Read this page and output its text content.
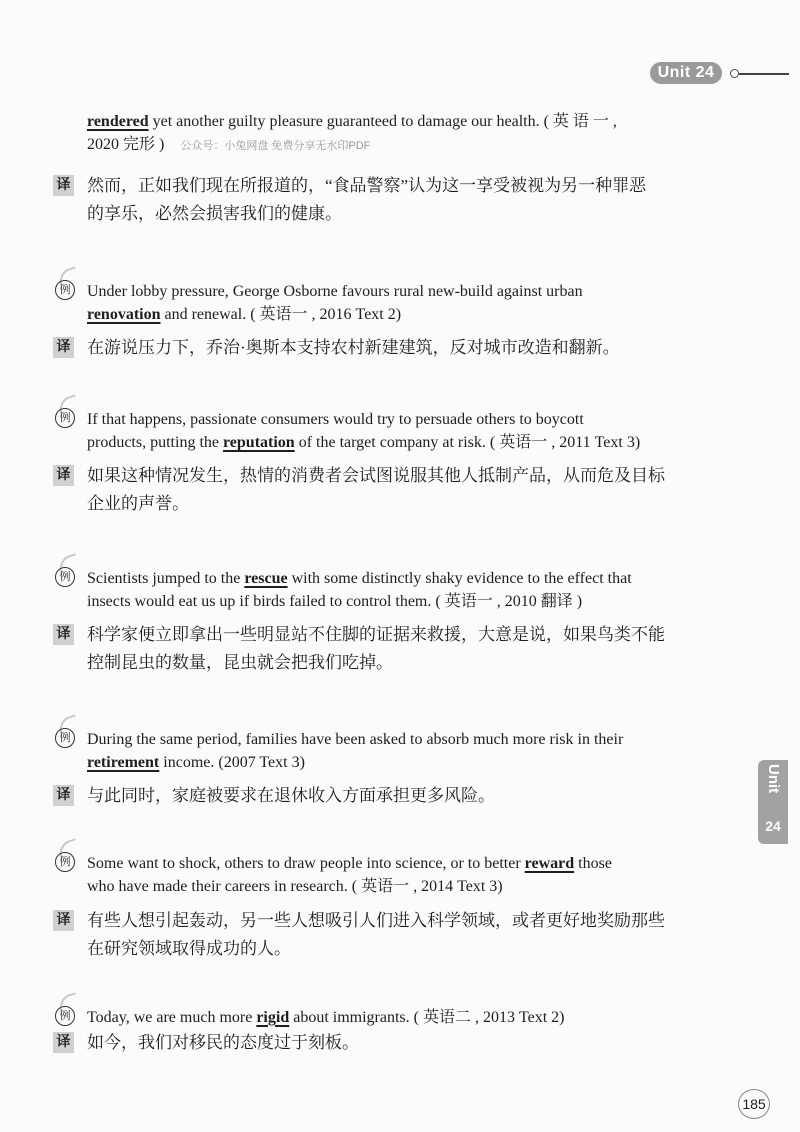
Unit 24
rendered yet another guilty pleasure guaranteed to damage our health. ( 英 语 一 ,
2020 完形 ) 公众号：小兔网盘 免费分享无水印PDF
译 然而，正如我们现在所报道的，“食品警察”认为这一享受被视为另一种罪恶
的享乐，必然会损害我们的健康。
例 Under lobby pressure, George Osborne favours rural new-build against urban
renovation and renewal. ( 英语一 , 2016 Text 2)
译 在游说压力下，乔治·奥斯本支持农村新建建筑，反对城市改造和翻新。
例 If that happens, passionate consumers would try to persuade others to boycott
products, putting the reputation of the target company at risk. ( 英语一 , 2011 Text 3)
译 如果这种情况发生，热情的消费者会试图说服其他人抵制产品，从而危及目标
企业的声誉。
例 Scientists jumped to the rescue with some distinctly shaky evidence to the effect that
insects would eat us up if birds failed to control them. ( 英语一 , 2010 翻译 )
译 科学家便立即拿出一些明显站不住脚的证据来救援，大意是说，如果鸟类不能
控制昆虫的数量，昆虫就会把我们吃掉。
例 During the same period, families have been asked to absorb much more risk in their
retirement income. (2007 Text 3)
译 与此同时，家庭被要求在退休收入方面承担更多风险。
例 Some want to shock, others to draw people into science, or to better reward those
who have made their careers in research. ( 英语一 , 2014 Text 3)
译 有些人想引起轰动，另一些人想吸引人们进入科学领域，或者更好地奖励那些
在研究领域取得成功的人。
例 Today, we are much more rigid about immigrants. ( 英语二 , 2013 Text 2)
译 如今，我们对移民的态度过于刻板。
Unit
24
185
